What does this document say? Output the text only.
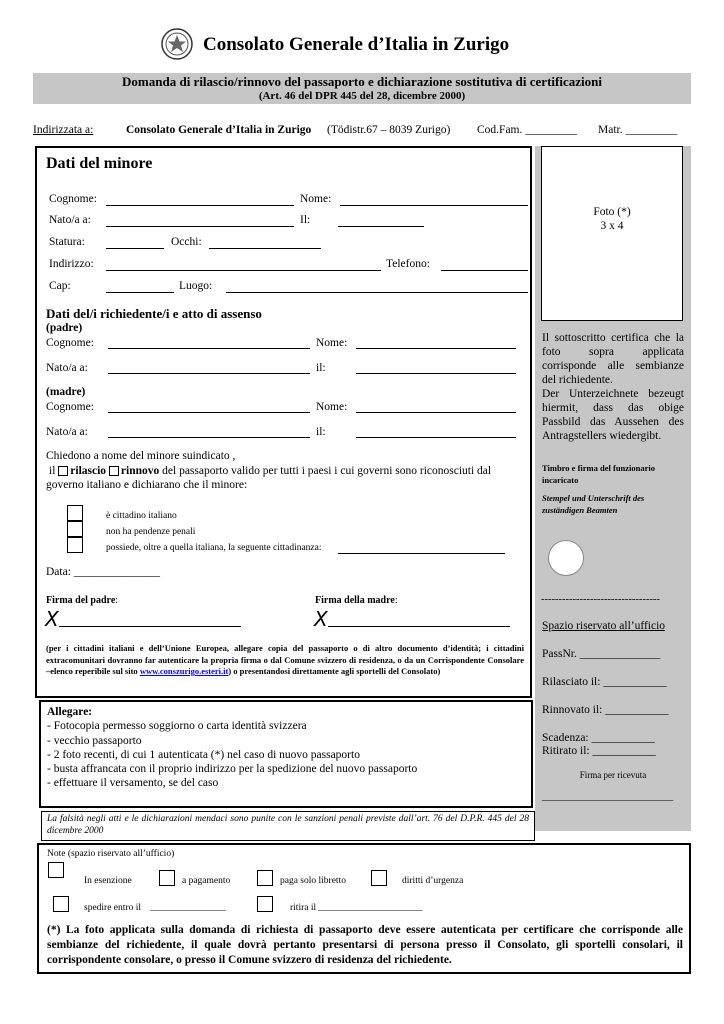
Consolato Generale d’Italia in Zurigo
Domanda di rilascio/rinnovo del passaporto e dichiarazione sostitutiva di certificazioni
(Art. 46 del DPR 445 del 28, dicembre 2000)
Indirizzata a:	Consolato Generale d’Italia in Zurigo (Tödistr.67 – 8039 Zurigo) Cod.Fam. _________ Matr. _________
Dati del minore
Cognome:	Nome:
Nato/a a:	Il:
Statura:	Occhi:
Indirizzo:	Telefono:
Cap:	Luogo:
Dati del/i richiedente/i e atto di assenso
(padre)
Cognome:	Nome:
Nato/a a:	il:
(madre)
Cognome:	Nome:
Nato/a a:	il:
Chiedono a nome del minore suindicato ,
il rilascio rinnovo del passaporto valido per tutti i paesi i cui governi sono riconosciuti dal
governo italiano e dichiarano che il minore:
è cittadino italiano
non ha pendenze penali
possiede, oltre a quella italiana, la seguente cittadinanza:
Data: _______________
Firma del padre:
X
Firma della madre:
X
(per i cittadini italiani e dell’Unione Europea, allegare copia del passaporto o di altro documento d’identità; i cittadini extracomunitari dovranno far autenticare la propria firma o dal Comune svizzero di residenza, o da un Corrispondente Consolare –elenco reperibile sul sito www.conszurigo.esteri.it) o presentandosi direttamente agli sportelli del Consolato)
Allegare:
- Fotocopia permesso soggiorno o carta identità svizzera
- vecchio passaporto
- 2 foto recenti, di cui 1 autenticata (*) nel caso di nuovo passaporto
- busta affrancata con il proprio indirizzo per la spedizione del nuovo passaporto
- effettuare il versamento, se del caso
La falsità negli atti e le dichiarazioni mendaci sono punite con le sanzioni penali previste dall’art. 76 del D.P.R. 445 del 28 dicembre 2000
Foto (*)
3 x 4
Il sottoscritto certifica che la foto sopra applicata corrisponde alle sembianze del richiedente.
Der Unterzeichnete bezeugt hiermit, dass das obige Passbild das Aussehen des Antragstellers wiedergibt.
Timbro e firma del funzionario incaricato
Stempel und Unterschrift des zuständigen Beamten
----------------------------------
Spazio riservato all’ufficio
PassNr. ______________
Rilasciato il: ___________
Rinnovato il: ___________
Scadenza: ___________
Ritirato il: ___________
Firma per ricevuta
_________________________
Note (spazio riservato all’ufficio)
In esenzione	a pagamento	paga solo libretto	diritti d’urgenza
spedire entro il ________________	ritira il ______________________
(*) La foto applicata sulla domanda di richiesta di passaporto deve essere autenticata per certificare che corrisponde alle sembianze del richiedente, il quale dovrà pertanto presentarsi di persona presso il Consolato, gli sportelli consolari, il corrispondente consolare, o presso il Comune svizzero di residenza del richiedente.
